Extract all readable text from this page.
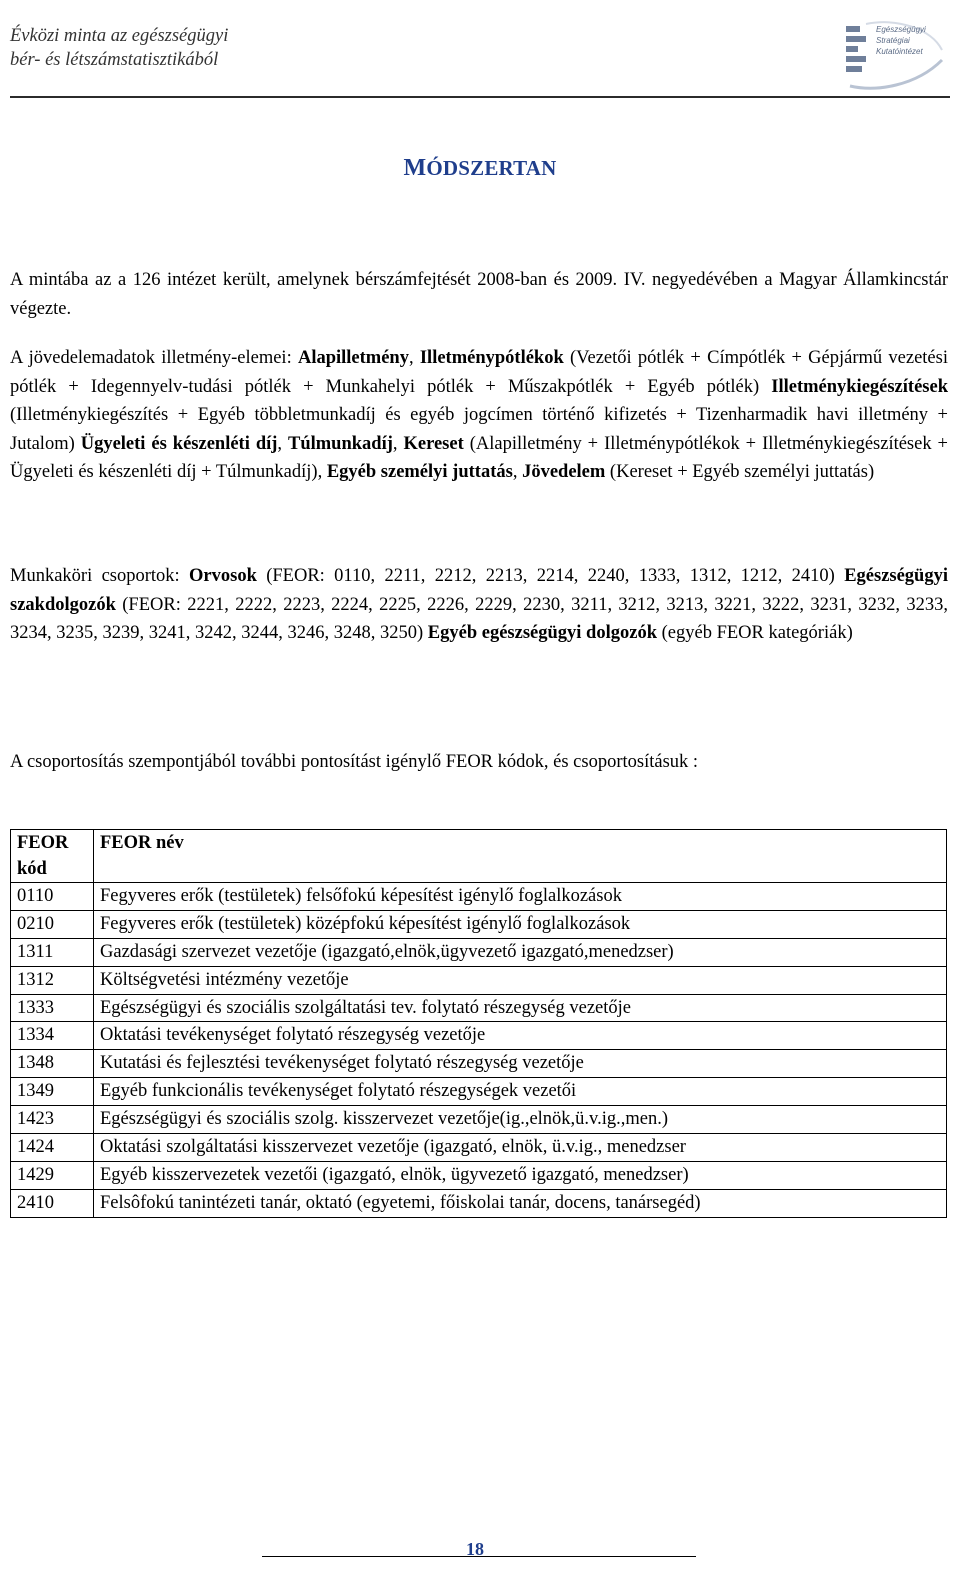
Évközi minta az egészségügyi
bér- és létszámstatisztikából
Egészségügyi
Stratégiai
Kutatóintézet
MÓDSZERTAN
A mintába az a 126 intézet került, amelynek bérszámfejtését 2008-ban és 2009. IV. negyedévében a Magyar Államkincstár végezte.
A jövedelemadatok illetmény-elemei: Alapilletmény, Illetménypótlékok (Vezetői pótlék + Címpótlék + Gépjármű vezetési pótlék + Idegennyelv-tudási pótlék + Munkahelyi pótlék + Műszakpótlék + Egyéb pótlék) Illetménykiegészítések (Illetménykiegészítés + Egyéb többletmunkadíj és egyéb jogcímen történő kifizetés + Tizenharmadik havi illetmény + Jutalom) Ügyeleti és készenléti díj, Túlmunkadíj, Kereset (Alapilletmény + Illetménypótlékok + Illetménykiegészítések + Ügyeleti és készenléti díj + Túlmunkadíj), Egyéb személyi juttatás, Jövedelem (Kereset + Egyéb személyi juttatás)
Munkaköri csoportok: Orvosok (FEOR: 0110, 2211, 2212, 2213, 2214, 2240, 1333, 1312, 1212, 2410) Egészségügyi szakdolgozók (FEOR: 2221, 2222, 2223, 2224, 2225, 2226, 2229, 2230, 3211, 3212, 3213, 3221, 3222, 3231, 3232, 3233, 3234, 3235, 3239, 3241, 3242, 3244, 3246, 3248, 3250) Egyéb egészségügyi dolgozók (egyéb FEOR kategóriák)
A csoportosítás szempontjából további pontosítást igénylő FEOR kódok, és csoportosításuk :
FEOR kód	FEOR név
0110	Fegyveres erők (testületek) felsőfokú képesítést igénylő foglalkozások
0210	Fegyveres erők (testületek) középfokú képesítést igénylő foglalkozások
1311	Gazdasági szervezet vezetője (igazgató,elnök,ügyvezető igazgató,menedzser)
1312	Költségvetési intézmény vezetője
1333	Egészségügyi és szociális szolgáltatási tev. folytató részegység vezetője
1334	Oktatási tevékenységet folytató részegység vezetője
1348	Kutatási és fejlesztési tevékenységet folytató részegység vezetője
1349	Egyéb funkcionális tevékenységet folytató részegységek vezetői
1423	Egészségügyi és szociális szolg. kisszervezet vezetője(ig.,elnök,ü.v.ig.,men.)
1424	Oktatási szolgáltatási kisszervezet vezetője (igazgató, elnök, ü.v.ig., menedzser
1429	Egyéb kisszervezetek vezetői (igazgató, elnök, ügyvezető igazgató, menedzser)
2410	Felsôfokú tanintézeti tanár, oktató (egyetemi, főiskolai tanár, docens, tanársegéd)
18
